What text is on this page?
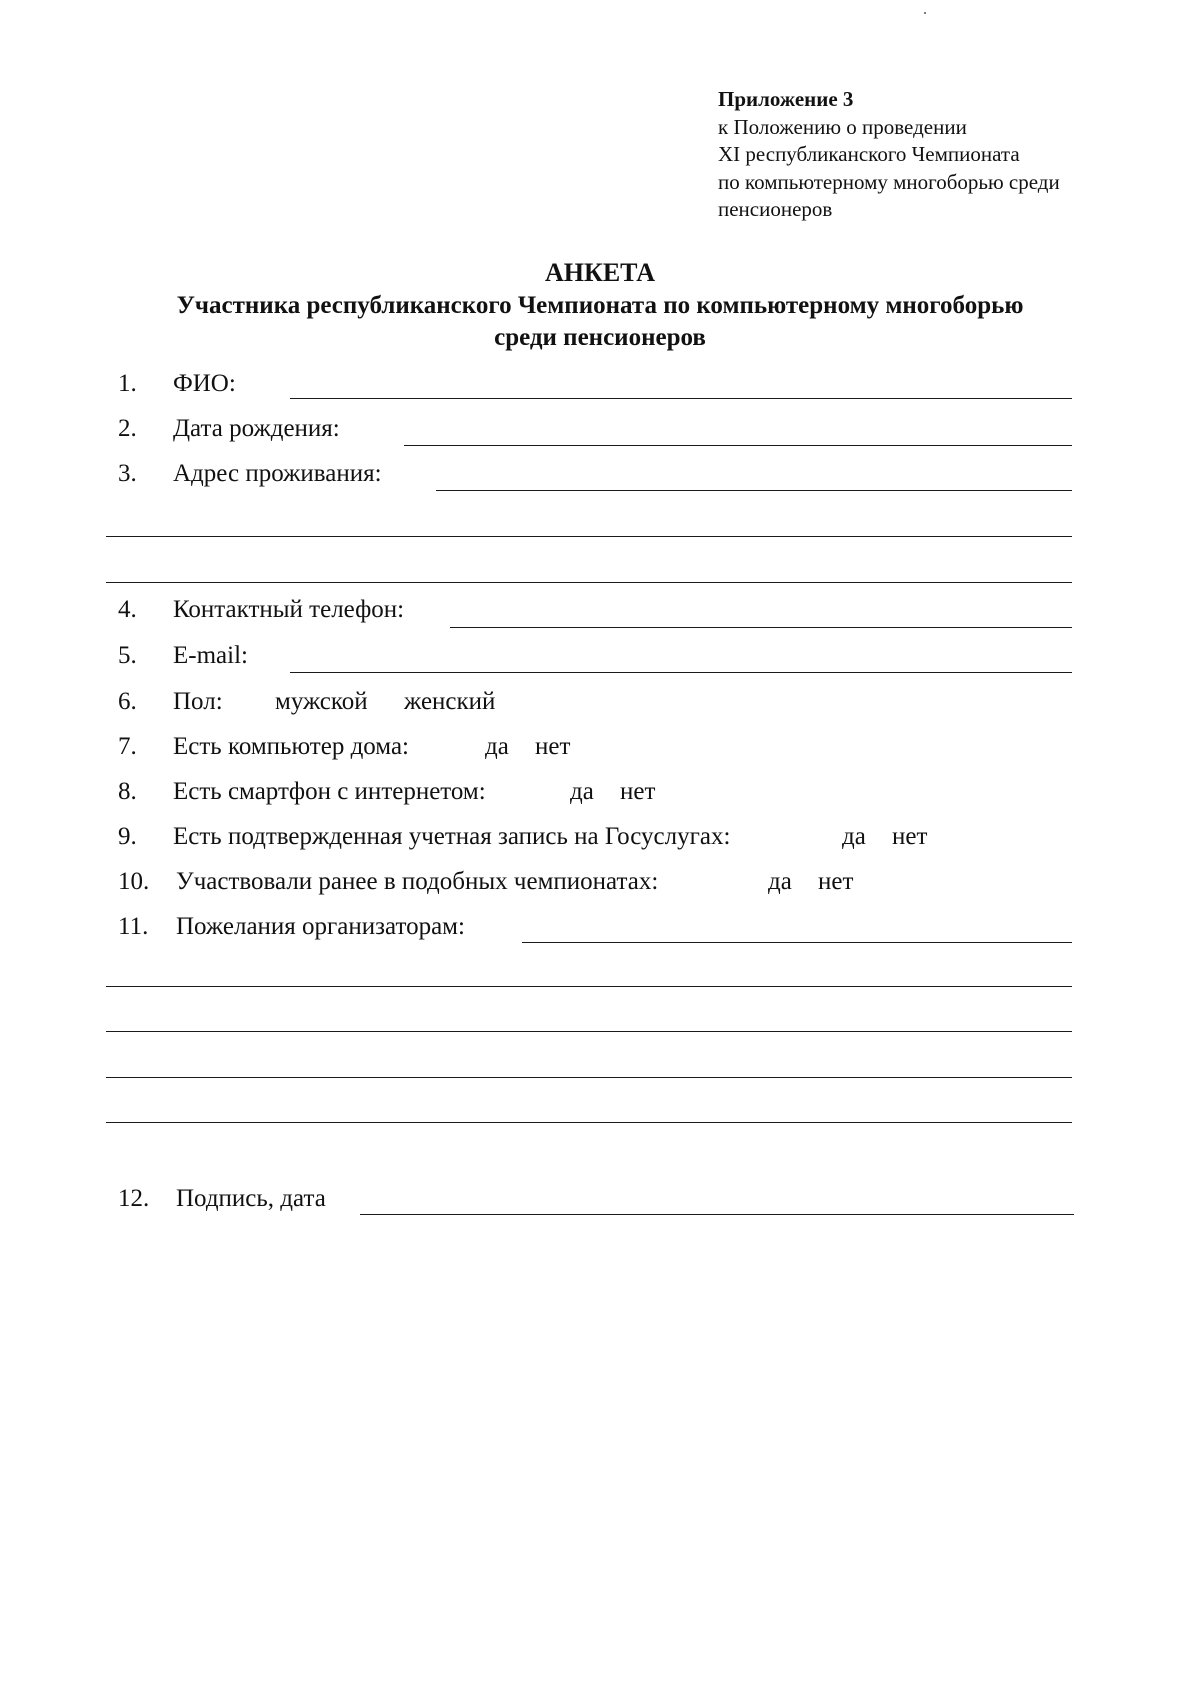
Приложение 3
к Положению о проведении
XI республиканского Чемпионата
по компьютерному многоборью среди
пенсионеров
АНКЕТА
Участника республиканского Чемпионата по компьютерному многоборью
среди пенсионеров
1. ФИО:
2. Дата рождения:
3. Адрес проживания:
4. Контактный телефон:
5. E-mail:
6. Пол: мужской женский
7. Есть компьютер дома:	да нет
8. Есть смартфон с интернетом:	да нет
9. Есть подтвержденная учетная запись на Госуслугах:	да нет
10. Участвовали ранее в подобных чемпионатах:	да нет
11. Пожелания организаторам:
12. Подпись, дата
